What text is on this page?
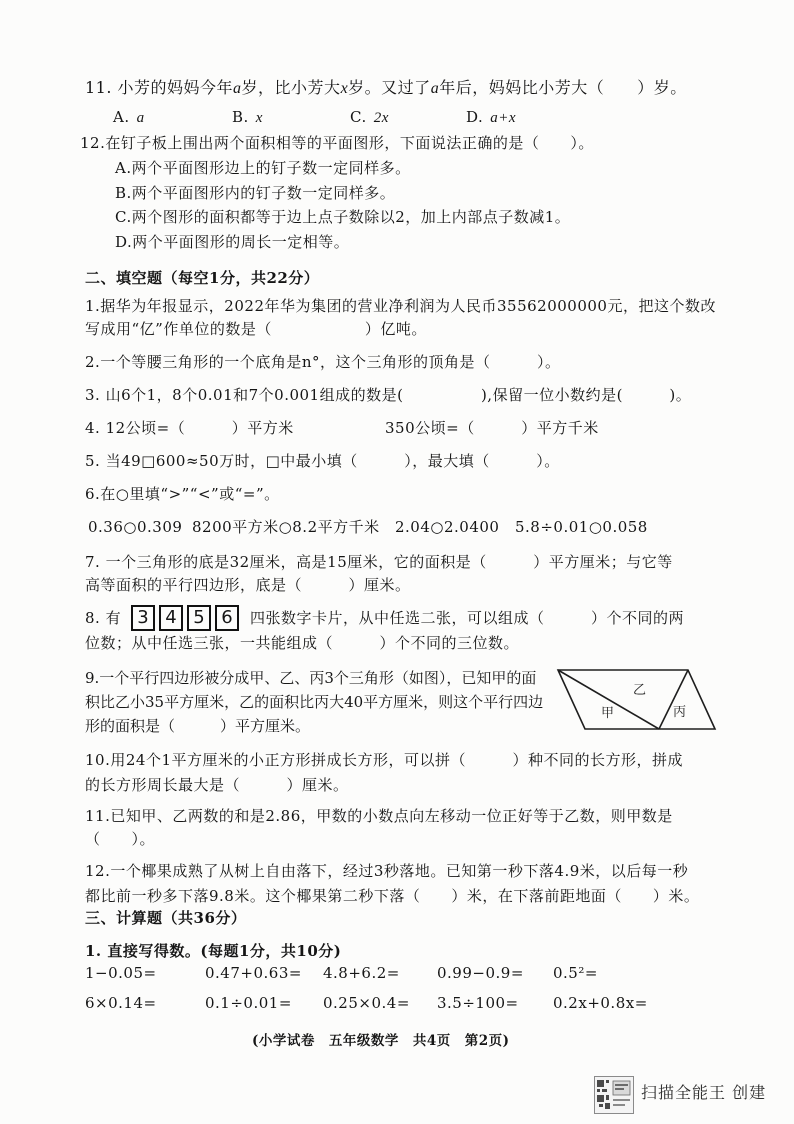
11. 小芳的妈妈今年a岁，比小芳大x岁。又过了a年后，妈妈比小芳大（　　）岁。
A. a	B. x	C. 2x	D. a+x
12.在钉子板上围出两个面积相等的平面图形，下面说法正确的是（　　）。
A.两个平面图形边上的钉子数一定同样多。
B.两个平面图形内的钉子数一定同样多。
C.两个图形的面积都等于边上点子数除以2，加上内部点子数减1。
D.两个平面图形的周长一定相等。
二、填空题（每空1分，共22分）
1.据华为年报显示，2022年华为集团的营业净利润为人民币35562000000元，把这个数改
写成用“亿”作单位的数是（　　　　　　）亿吨。
2.一个等腰三角形的一个底角是n°，这个三角形的顶角是（　　　）。
3. 山6个1，8个0.01和7个0.001组成的数是(　　　　　),保留一位小数约是(　　　)。
4. 12公顷=（　　　）平方米	350公顷=（　　　）平方千米
5. 当49□600≈50万时，□中最小填（　　　），最大填（　　　）。
6.在○里填“>”“<”或“=”。
0.36○0.309 8200平方米○8.2平方千米 2.04○2.0400 5.8÷0.01○0.058
7. 一个三角形的底是32厘米，高是15厘米，它的面积是（　　　）平方厘米；与它等
高等面积的平行四边形，底是（　　　）厘米。
8. 有 3 4 5 6	四张数字卡片，从中任选二张，可以组成（　　　）个不同的两
位数；从中任选三张，一共能组成（　　　）个不同的三位数。
9.一个平行四边形被分成甲、乙、丙3个三角形（如图），已知甲的面
积比乙小35平方厘米，乙的面积比丙大40平方厘米，则这个平行四边
形的面积是（　　　）平方厘米。
甲
乙
丙
10.用24个1平方厘米的小正方形拼成长方形，可以拼（　　　）种不同的长方形，拼成
的长方形周长最大是（　　　）厘米。
11.已知甲、乙两数的和是2.86，甲数的小数点向左移动一位正好等于乙数，则甲数是
（　　）。
12.一个椰果成熟了从树上自由落下，经过3秒落地。已知第一秒下落4.9米，以后每一秒
都比前一秒多下落9.8米。这个椰果第二秒下落（　　）米，在下落前距地面（　　）米。
三、计算题（共36分）
1. 直接写得数。(每题1分，共10分)
1−0.05=	0.47+0.63= 4.8+6.2= 0.99−0.9= 0.5²=
6×0.14=	0.1÷0.01= 0.25×0.4= 3.5÷100= 0.2x+0.8x=
(小学试卷　五年级数学　共4页　第2页)
扫描全能王 创建
